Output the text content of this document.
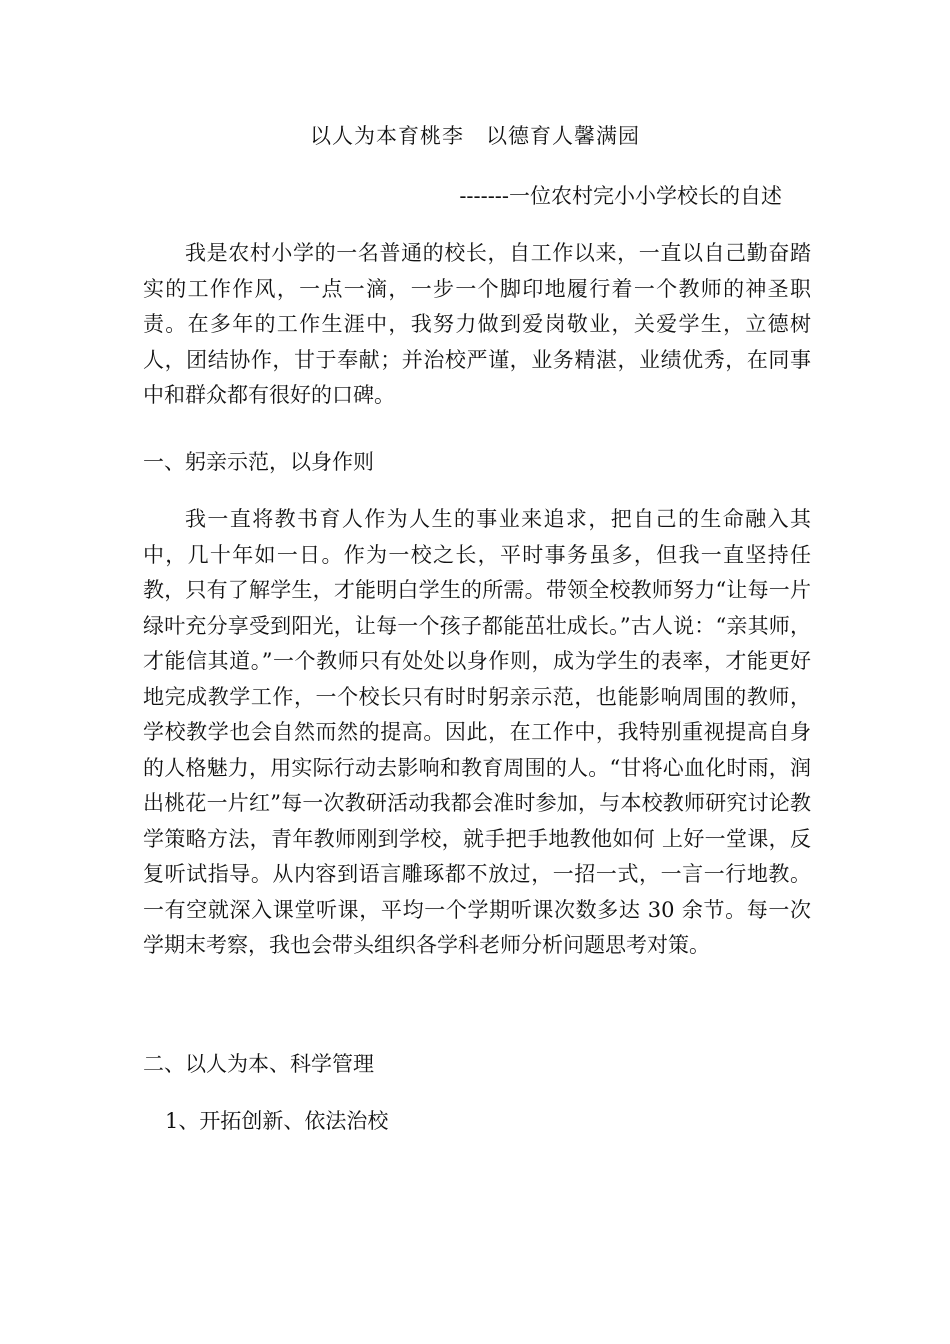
以人为本育桃李　以德育人馨满园
-------一位农村完小小学校长的自述

我是农村小学的一名普通的校长，自工作以来，一直以自己勤奋踏实的工作作风，一点一滴，一步一个脚印地履行着一个教师的神圣职责。在多年的工作生涯中，我努力做到爱岗敬业，关爱学生，立德树人，团结协作，甘于奉献；并治校严谨，业务精湛，业绩优秀，在同事中和群众都有很好的口碑。

一、躬亲示范，以身作则

我一直将教书育人作为人生的事业来追求，把自己的生命融入其中，几十年如一日。作为一校之长，平时事务虽多，但我一直坚持任教，只有了解学生，才能明白学生的所需。带领全校教师努力“让每一片绿叶充分享受到阳光，让每一个孩子都能茁壮成长。”古人说：“亲其师，才能信其道。”一个教师只有处处以身作则，成为学生的表率，才能更好地完成教学工作，一个校长只有时时躬亲示范，也能影响周围的教师，学校教学也会自然而然的提高。因此，在工作中，我特别重视提高自身的人格魅力，用实际行动去影响和教育周围的人。“甘将心血化时雨，润出桃花一片红”每一次教研活动我都会准时参加，与本校教师研究讨论教学策略方法，青年教师刚到学校，就手把手地教他如何 上好一堂课，反复听试指导。从内容到语言雕琢都不放过，一招一式，一言一行地教。一有空就深入课堂听课，平均一个学期听课次数多达 30 余节。每一次学期末考察，我也会带头组织各学科老师分析问题思考对策。

二、以人为本、科学管理

1、开拓创新、依法治校
